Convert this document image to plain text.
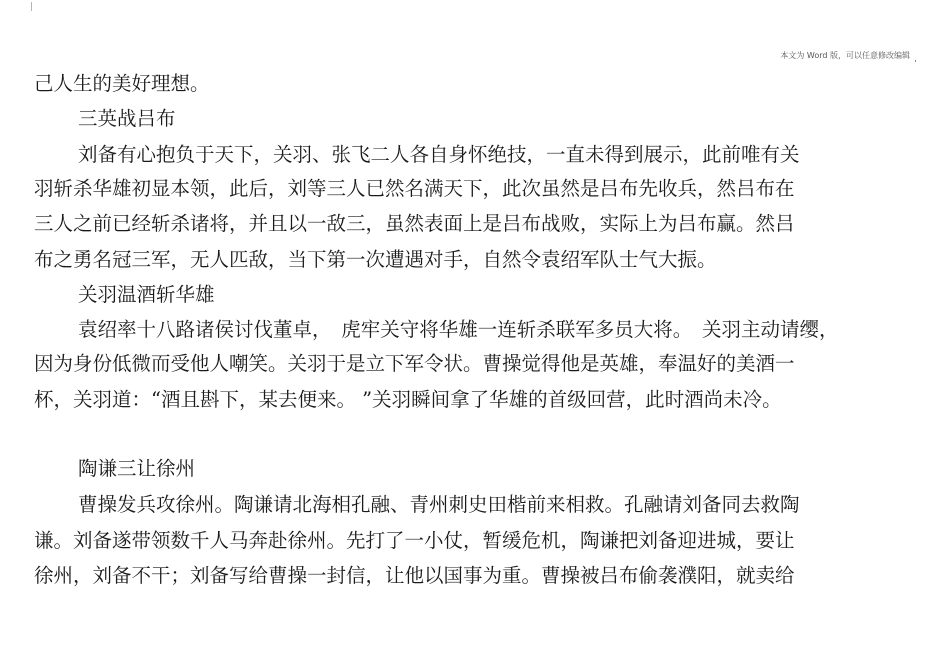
本文为 Word 版，可以任意修改编辑
己人生的美好理想。
三英战吕布
刘备有心抱负于天下，关羽、张飞二人各自身怀绝技，一直未得到展示，此前唯有关
羽斩杀华雄初显本领，此后，刘等三人已然名满天下，此次虽然是吕布先收兵，然吕布在
三人之前已经斩杀诸将，并且以一敌三，虽然表面上是吕布战败，实际上为吕布赢。然吕
布之勇名冠三军，无人匹敌，当下第一次遭遇对手，自然令袁绍军队士气大振。
关羽温酒斩华雄
袁绍率十八路诸侯讨伐董卓，　虎牢关守将华雄一连斩杀联军多员大将。　关羽主动请缨，
因为身份低微而受他人嘲笑。关羽于是立下军令状。曹操觉得他是英雄，奉温好的美酒一
杯，关羽道：“酒且斟下，某去便来。 ”关羽瞬间拿了华雄的首级回营，此时酒尚未冷。
陶谦三让徐州
曹操发兵攻徐州。陶谦请北海相孔融、青州刺史田楷前来相救。孔融请刘备同去救陶
谦。刘备遂带领数千人马奔赴徐州。先打了一小仗，暂缓危机，陶谦把刘备迎进城，要让
徐州，刘备不干；刘备写给曹操一封信，让他以国事为重。曹操被吕布偷袭濮阳，就卖给
